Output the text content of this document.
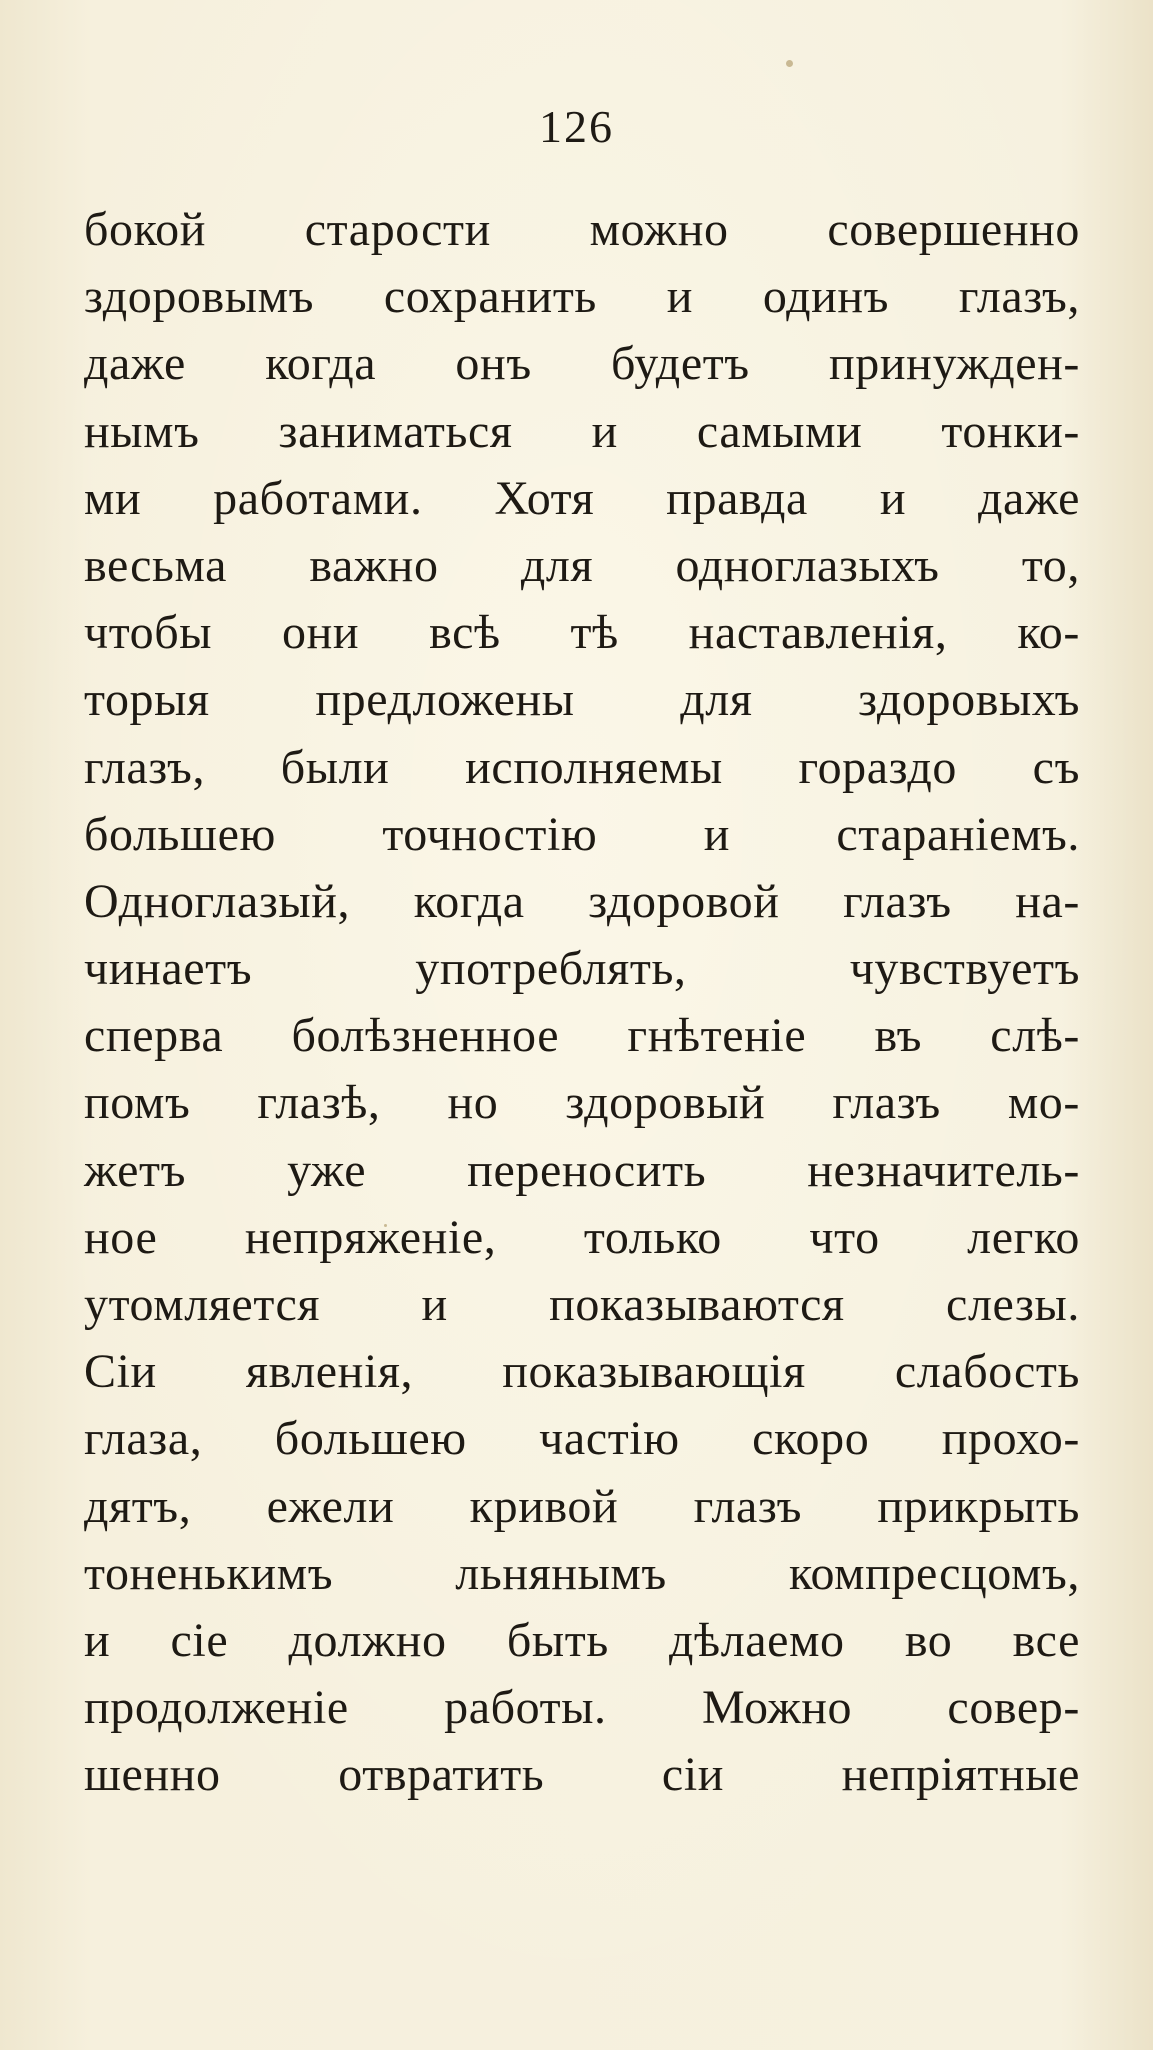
126
бокой старости можно совершенно
здоровымъ сохранить и одинъ глазъ,
даже когда онъ будетъ принужден-
нымъ заниматься и самыми тонки-
ми работами. Хотя правда и даже
весьма важно для одноглазыхъ то,
чтобы они всѣ тѣ наставленія, ко-
торыя предложены для здоровыхъ
глазъ, были исполняемы гораздо съ
большею точностію и стараніемъ.
Одноглазый, когда здоровой глазъ на-
чинаетъ употреблять, чувствуетъ
сперва болѣзненное гнѣтеніе въ слѣ-
помъ глазѣ, но здоровый глазъ мо-
жетъ уже переносить незначитель-
ное непряженіе, только что легко
утомляется и показываются слезы.
Сіи явленія, показывающія слабость
глаза, большею частію скоро прохо-
дятъ, ежели кривой глазъ прикрыть
тоненькимъ льнянымъ компресцомъ,
и сіе должно быть дѣлаемо во все
продолженіе работы. Можно совер-
шенно отвратить сіи непріятные
